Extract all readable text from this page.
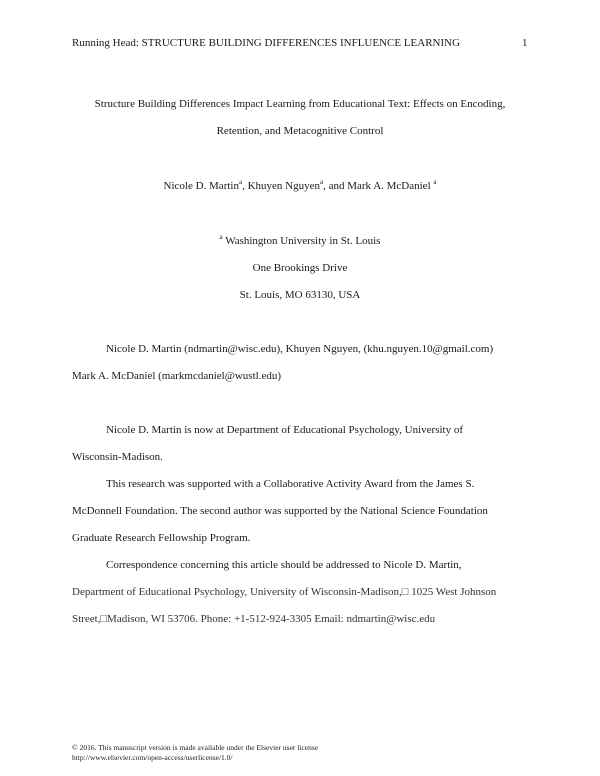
Running Head: STRUCTURE BUILDING DIFFERENCES INFLUENCE LEARNING	1
Structure Building Differences Impact Learning from Educational Text: Effects on Encoding,
Retention, and Metacognitive Control
Nicole D. Martin$^a$, Khuyen Nguyen$^a$, and Mark A. McDaniel $^a$
$^a$ Washington University in St. Louis
One Brookings Drive
St. Louis, MO 63130, USA
Nicole D. Martin (ndmartin@wisc.edu), Khuyen Nguyen, (khu.nguyen.10@gmail.com)
Mark A. McDaniel (markmcdaniel@wustl.edu)
Nicole D. Martin is now at Department of Educational Psychology, University of
Wisconsin-Madison.
This research was supported with a Collaborative Activity Award from the James S.
McDonnell Foundation. The second author was supported by the National Science Foundation
Graduate Research Fellowship Program.
Correspondence concerning this article should be addressed to Nicole D. Martin,
Department of Educational Psychology, University of Wisconsin-Madison,□ 1025 West Johnson
Street,□Madison, WI 53706. Phone: +1-512-924-3305 Email: ndmartin@wisc.edu
© 2016. This manuscript version is made available under the Elsevier user license
http://www.elsevier.com/open-access/userlicense/1.0/
